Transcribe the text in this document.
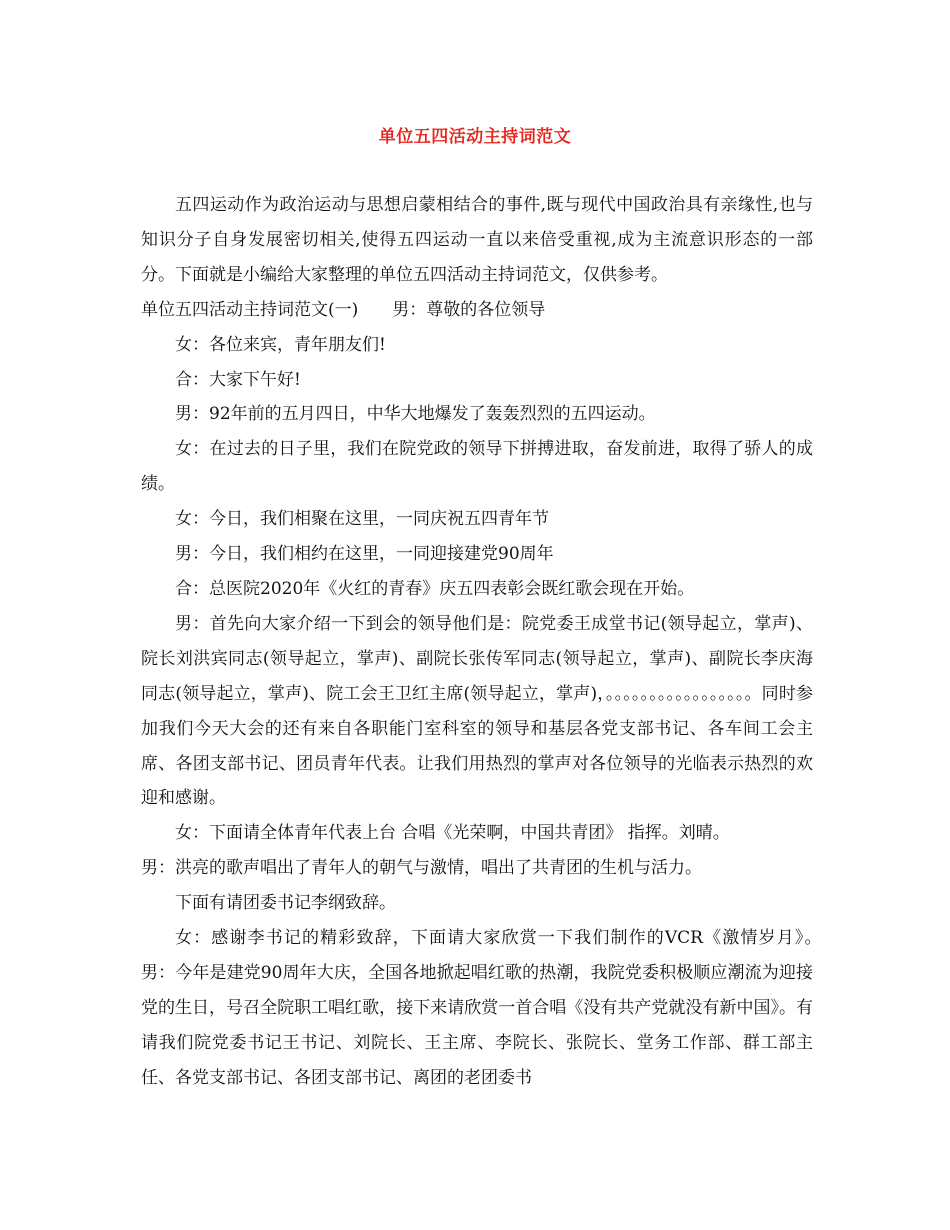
单位五四活动主持词范文

五四运动作为政治运动与思想启蒙相结合的事件,既与现代中国政治具有亲缘性,也与知识分子自身发展密切相关,使得五四运动一直以来倍受重视,成为主流意识形态的一部分。下面就是小编给大家整理的单位五四活动主持词范文，仅供参考。

单位五四活动主持词范文(一)　　男：尊敬的各位领导

女：各位来宾，青年朋友们!

合：大家下午好!

男：92年前的五月四日，中华大地爆发了轰轰烈烈的五四运动。

女：在过去的日子里，我们在院党政的领导下拼搏进取，奋发前进，取得了骄人的成绩。

女：今日，我们相聚在这里，一同庆祝五四青年节

男：今日，我们相约在这里，一同迎接建党90周年

合：总医院2020年《火红的青春》庆五四表彰会既红歌会现在开始。

男：首先向大家介绍一下到会的领导他们是：院党委王成堂书记(领导起立，掌声)、院长刘洪宾同志(领导起立，掌声)、副院长张传军同志(领导起立，掌声)、副院长李庆海同志(领导起立，掌声)、院工会王卫红主席(领导起立，掌声)，。。。。。。。。。。。。。。。。。同时参加我们今天大会的还有来自各职能门室科室的领导和基层各党支部书记、各车间工会主席、各团支部书记、团员青年代表。让我们用热烈的掌声对各位领导的光临表示热烈的欢迎和感谢。

女：下面请全体青年代表上台 合唱《光荣啊，中国共青团》 指挥。刘晴。

男：洪亮的歌声唱出了青年人的朝气与激情，唱出了共青团的生机与活力。

下面有请团委书记李纲致辞。

女：感谢李书记的精彩致辞，下面请大家欣赏一下我们制作的VCR《激情岁月》。　男：今年是建党90周年大庆，全国各地掀起唱红歌的热潮，我院党委积极顺应潮流为迎接党的生日，号召全院职工唱红歌，接下来请欣赏一首合唱《没有共产党就没有新中国》。有请我们院党委书记王书记、刘院长、王主席、李院长、张院长、堂务工作部、群工部主任、各党支部书记、各团支部书记、离团的老团委书
